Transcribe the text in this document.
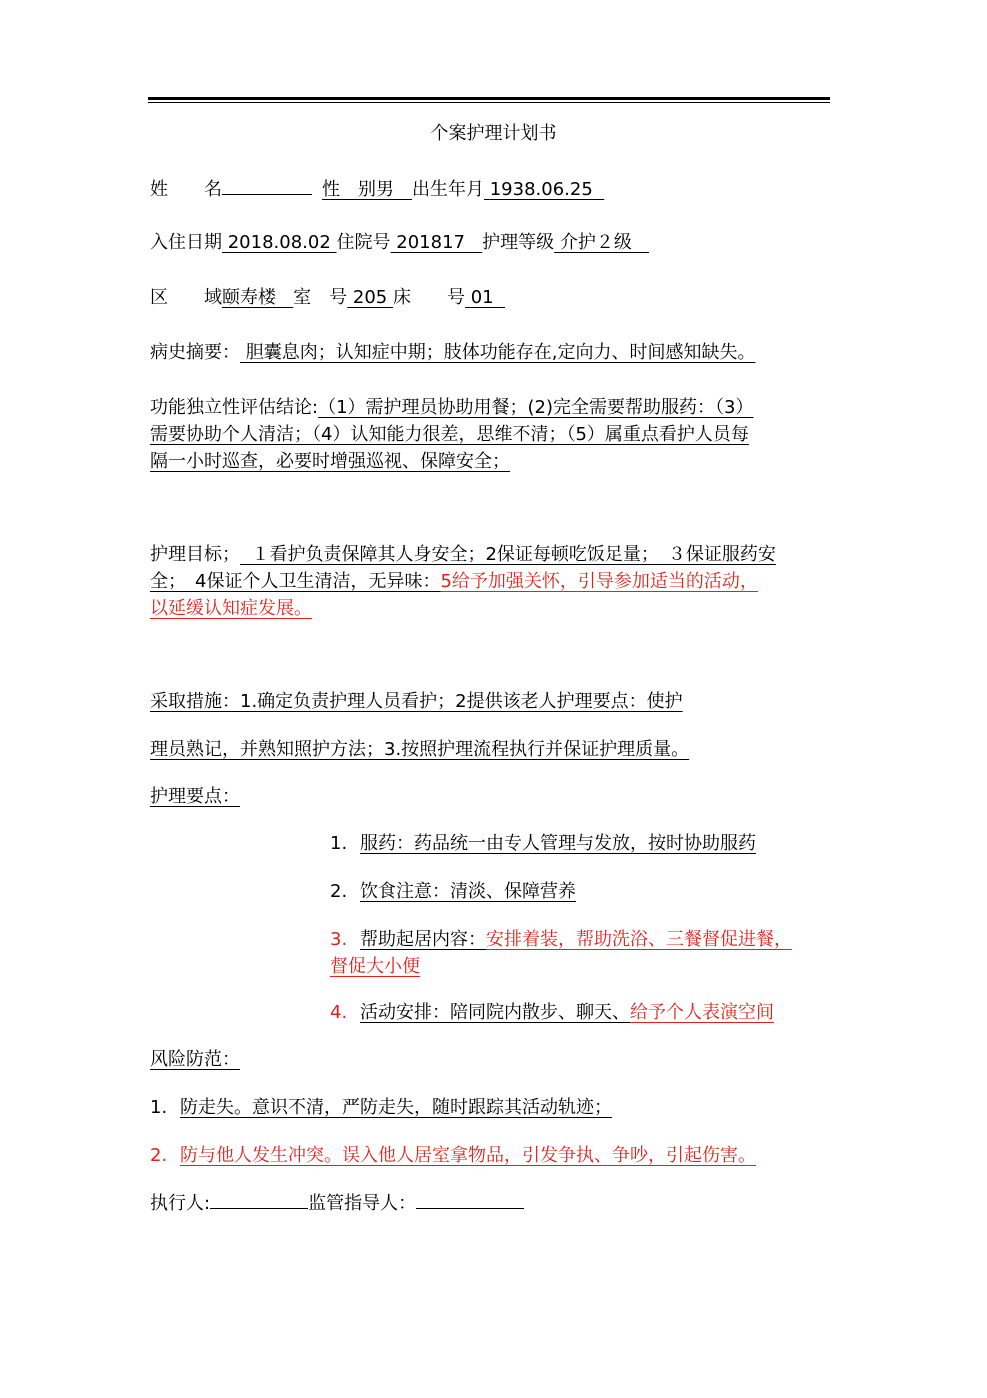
个案护理计划书
姓　　名	性　别男　 出生年月 1938.06.25
入住日期 2018.08.02 住院号 201817 护理等级 介护２级
区　　域颐寿楼 室　号 205 床　　号 01
病史摘要： 胆囊息肉；认知症中期；肢体功能存在,定向力、时间感知缺失。
功能独立性评估结论:（1）需护理员协助用餐；(2)完全需要帮助服药：（3）
需要协助个人清洁；（4）认知能力很差，思维不清；（5）属重点看护人员每
隔一小时巡查，必要时增强巡视、保障安全；
护理目标； １看护负责保障其人身安全；2保证每顿吃饭足量；　３保证服药安
全；　4保证个人卫生清洁，无异味：5给予加强关怀，引导参加适当的活动，
以延缓认知症发展。
采取措施：1.确定负责护理人员看护；2提供该老人护理要点：使护
理员熟记，并熟知照护方法；3.按照护理流程执行并保证护理质量。
护理要点：
1. 服药：药品统一由专人管理与发放，按时协助服药
2. 饮食注意：清淡、保障营养
3. 帮助起居内容：安排着装，帮助洗浴、三餐督促进餐，
督促大小便
4. 活动安排：陪同院内散步、聊天、给予个人表演空间
风险防范：
1. 防走失。意识不清，严防走失，随时跟踪其活动轨迹；
2. 防与他人发生冲突。误入他人居室拿物品，引发争执、争吵，引起伤害。
执行人:	监管指导人：
